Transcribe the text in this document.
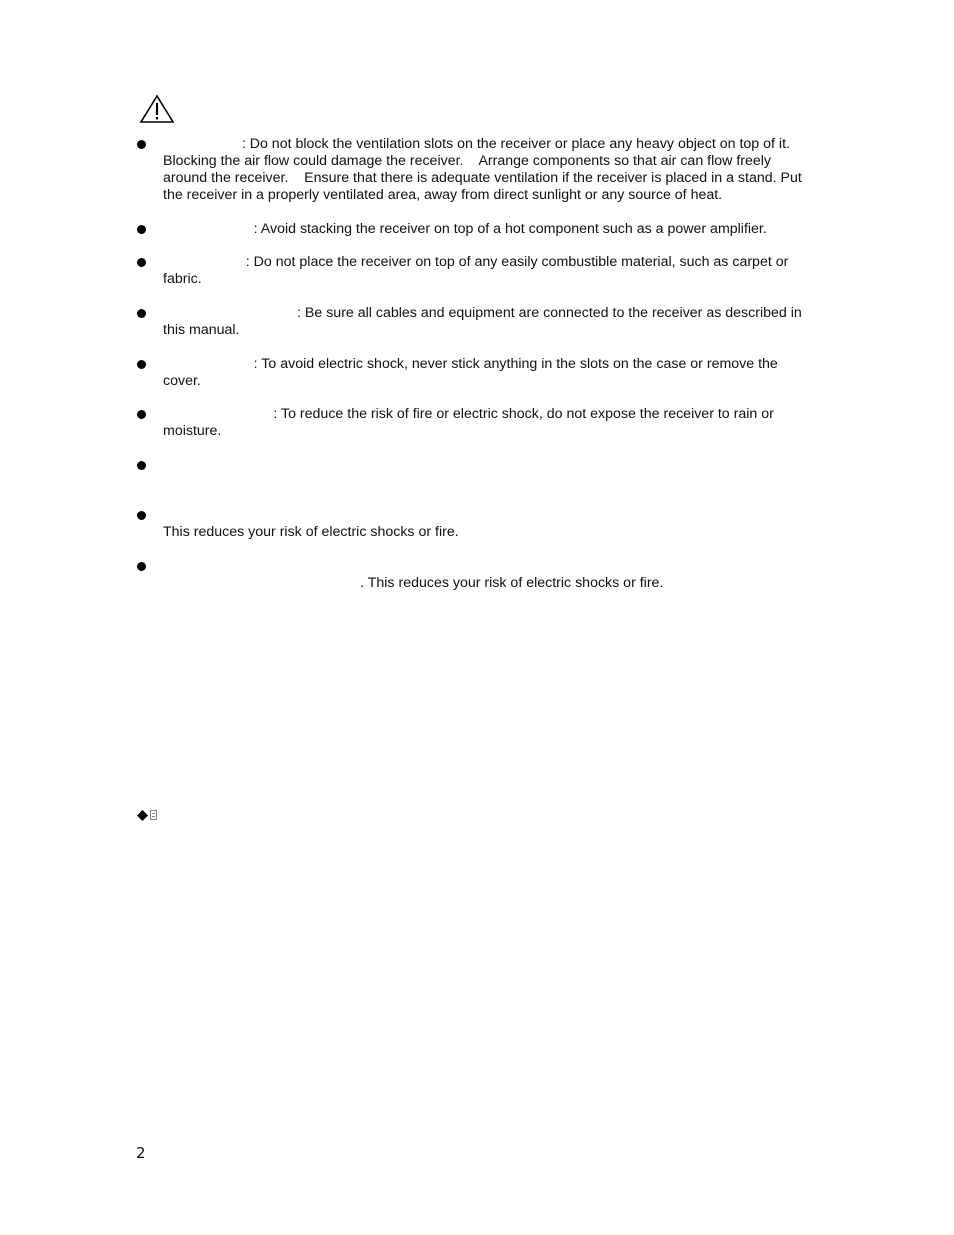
: Do not block the ventilation slots on the receiver or place any heavy object on top of it. Blocking the air flow could damage the receiver.    Arrange components so that air can flow freely around the receiver.    Ensure that there is adequate ventilation if the receiver is placed in a stand. Put the receiver in a properly ventilated area, away from direct sunlight or any source of heat.
: Avoid stacking the receiver on top of a hot component such as a power amplifier.
: Do not place the receiver on top of any easily combustible material, such as carpet or fabric.
: Be sure all cables and equipment are connected to the receiver as described in this manual.
: To avoid electric shock, never stick anything in the slots on the case or remove the cover.
: To reduce the risk of fire or electric shock, do not expose the receiver to rain or moisture.

This reduces your risk of electric shocks or fire.

. This reduces your risk of electric shocks or fire.
2
